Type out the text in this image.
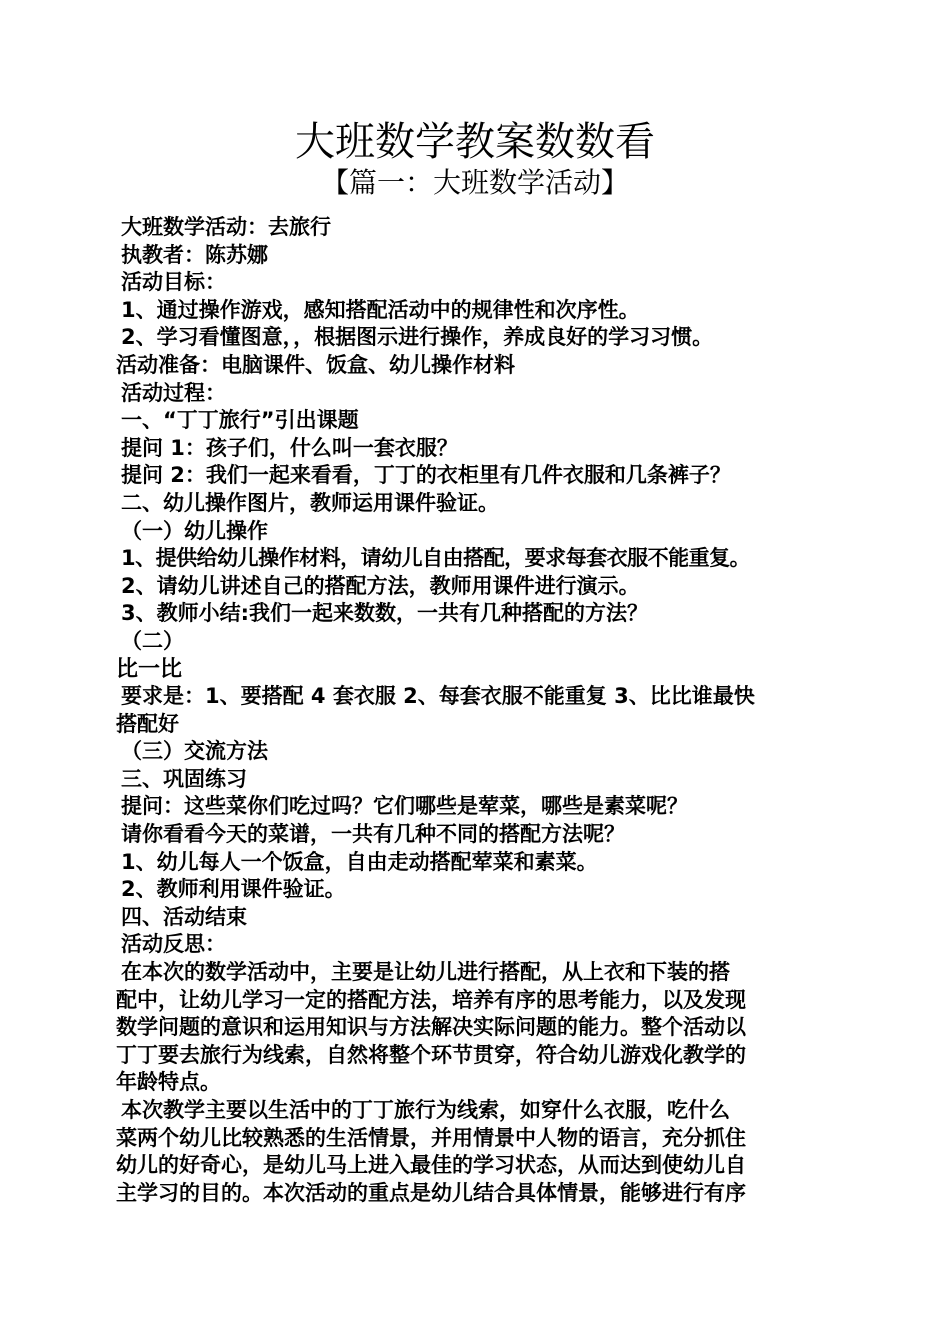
大班数学教案数数看
【篇一：大班数学活动】
大班数学活动：去旅行
执教者：陈苏娜
活动目标：
1、通过操作游戏，感知搭配活动中的规律性和次序性。
2、学习看懂图意，，根据图示进行操作，养成良好的学习习惯。
活动准备：电脑课件、饭盒、幼儿操作材料
活动过程：
一、“丁丁旅行”引出课题
提问 1：孩子们，什么叫一套衣服？
提问 2：我们一起来看看，丁丁的衣柜里有几件衣服和几条裤子？
二、幼儿操作图片，教师运用课件验证。
（一）幼儿操作
1、提供给幼儿操作材料，请幼儿自由搭配，要求每套衣服不能重复。
2、请幼儿讲述自己的搭配方法，教师用课件进行演示。
3、教师小结:我们一起来数数，一共有几种搭配的方法？
（二）
比一比
要求是：1、要搭配 4 套衣服 2、每套衣服不能重复 3、比比谁最快
搭配好
（三）交流方法
三、巩固练习
提问：这些菜你们吃过吗？它们哪些是荤菜，哪些是素菜呢？
请你看看今天的菜谱，一共有几种不同的搭配方法呢？
1、幼儿每人一个饭盒，自由走动搭配荤菜和素菜。
2、教师利用课件验证。
四、活动结束
活动反思：
在本次的数学活动中，主要是让幼儿进行搭配，从上衣和下装的搭
配中，让幼儿学习一定的搭配方法，培养有序的思考能力，以及发现
数学问题的意识和运用知识与方法解决实际问题的能力。整个活动以
丁丁要去旅行为线索，自然将整个环节贯穿，符合幼儿游戏化教学的
年龄特点。
本次教学主要以生活中的丁丁旅行为线索，如穿什么衣服，吃什么
菜两个幼儿比较熟悉的生活情景，并用情景中人物的语言，充分抓住
幼儿的好奇心，是幼儿马上进入最佳的学习状态，从而达到使幼儿自
主学习的目的。本次活动的重点是幼儿结合具体情景，能够进行有序
